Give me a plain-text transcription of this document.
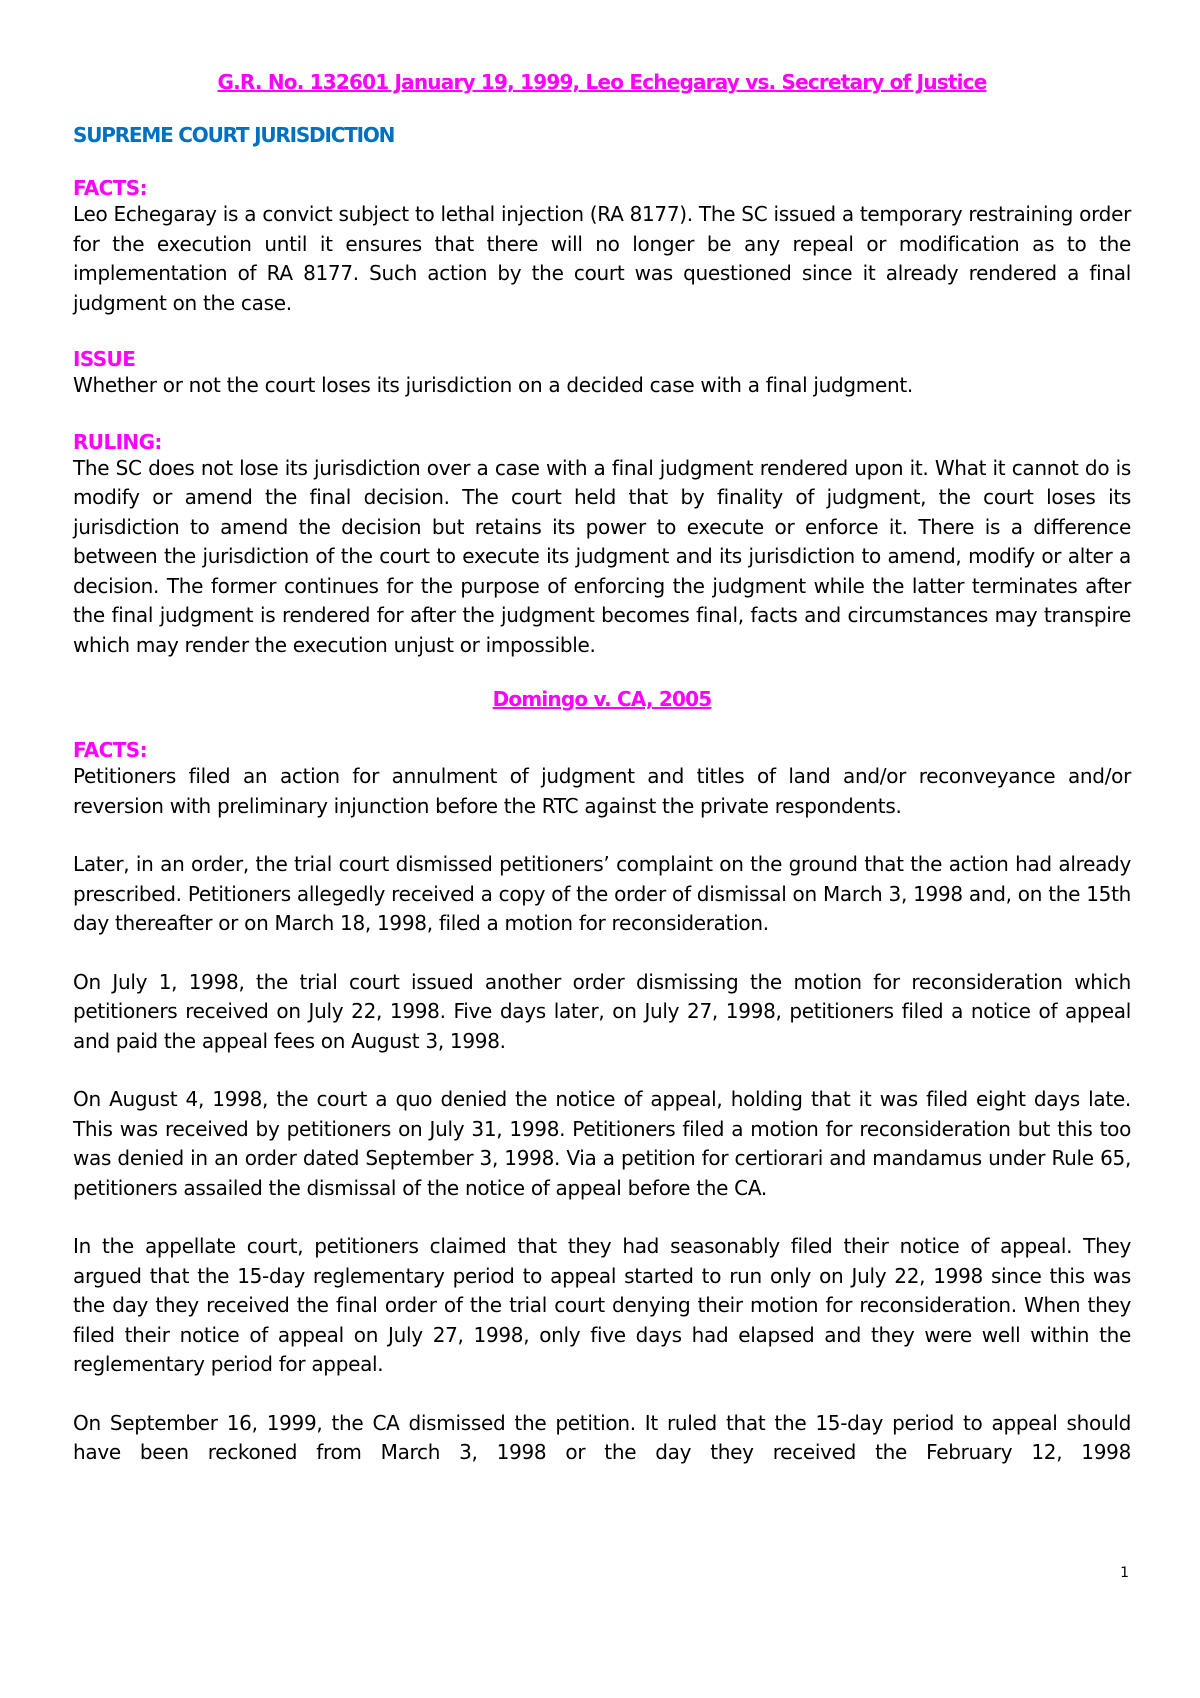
G.R. No. 132601 January 19, 1999, Leo Echegaray vs. Secretary of Justice

SUPREME COURT JURISDICTION

FACTS:

Leo Echegaray is a convict subject to lethal injection (RA 8177). The SC issued a temporary restraining order for the execution until it ensures that there will no longer be any repeal or modification as to the implementation of RA 8177. Such action by the court was questioned since it already rendered a final judgment on the case.

ISSUE

Whether or not the court loses its jurisdiction on a decided case with a final judgment.

RULING:

The SC does not lose its jurisdiction over a case with a final judgment rendered upon it. What it cannot do is modify or amend the final decision. The court held that by finality of judgment, the court loses its jurisdiction to amend the decision but retains its power to execute or enforce it. There is a difference between the jurisdiction of the court to execute its judgment and its jurisdiction to amend, modify or alter a decision. The former continues for the purpose of enforcing the judgment while the latter terminates after the final judgment is rendered for after the judgment becomes final, facts and circumstances may transpire which may render the execution unjust or impossible.

Domingo v. CA, 2005

FACTS:

Petitioners filed an action for annulment of judgment and titles of land and/or reconveyance and/or reversion with preliminary injunction before the RTC against the private respondents.

Later, in an order, the trial court dismissed petitioners’ complaint on the ground that the action had already prescribed. Petitioners allegedly received a copy of the order of dismissal on March 3, 1998 and, on the 15th day thereafter or on March 18, 1998, filed a motion for reconsideration.

On July 1, 1998, the trial court issued another order dismissing the motion for reconsideration which petitioners received on July 22, 1998. Five days later, on July 27, 1998, petitioners filed a notice of appeal and paid the appeal fees on August 3, 1998.

On August 4, 1998, the court a quo denied the notice of appeal, holding that it was filed eight days late. This was received by petitioners on July 31, 1998. Petitioners filed a motion for reconsideration but this too was denied in an order dated September 3, 1998. Via a petition for certiorari and mandamus under Rule 65, petitioners assailed the dismissal of the notice of appeal before the CA.

In the appellate court, petitioners claimed that they had seasonably filed their notice of appeal. They argued that the 15-day reglementary period to appeal started to run only on July 22, 1998 since this was the day they received the final order of the trial court denying their motion for reconsideration. When they filed their notice of appeal on July 27, 1998, only five days had elapsed and they were well within the reglementary period for appeal.

On September 16, 1999, the CA dismissed the petition. It ruled that the 15-day period to appeal should have been reckoned from March 3, 1998 or the day they received the February 12, 1998

1
